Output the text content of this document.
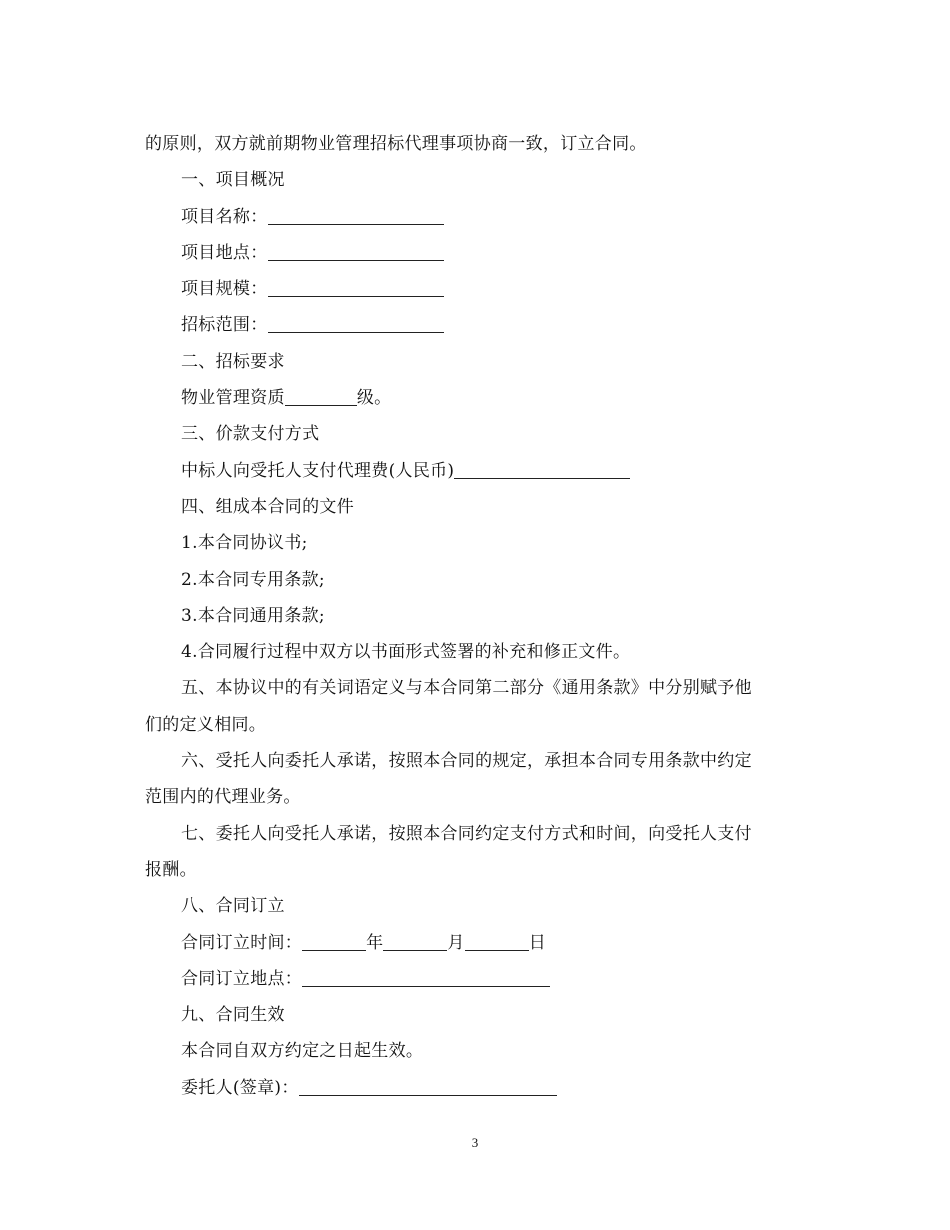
的原则，双方就前期物业管理招标代理事项协商一致，订立合同。
一、项目概况
项目名称：
项目地点：
项目规模：
招标范围：
二、招标要求
物业管理资质	级。
三、价款支付方式
中标人向受托人支付代理费(人民币)
四、组成本合同的文件
1.本合同协议书;
2.本合同专用条款;
3.本合同通用条款;
4.合同履行过程中双方以书面形式签署的补充和修正文件。
五、本协议中的有关词语定义与本合同第二部分《通用条款》中分别赋予他
们的定义相同。
六、受托人向委托人承诺，按照本合同的规定，承担本合同专用条款中约定
范围内的代理业务。
七、委托人向受托人承诺，按照本合同约定支付方式和时间，向受托人支付
报酬。
八、合同订立
合同订立时间：	年	月	日
合同订立地点：
九、合同生效
本合同自双方约定之日起生效。
委托人(签章)：
3
